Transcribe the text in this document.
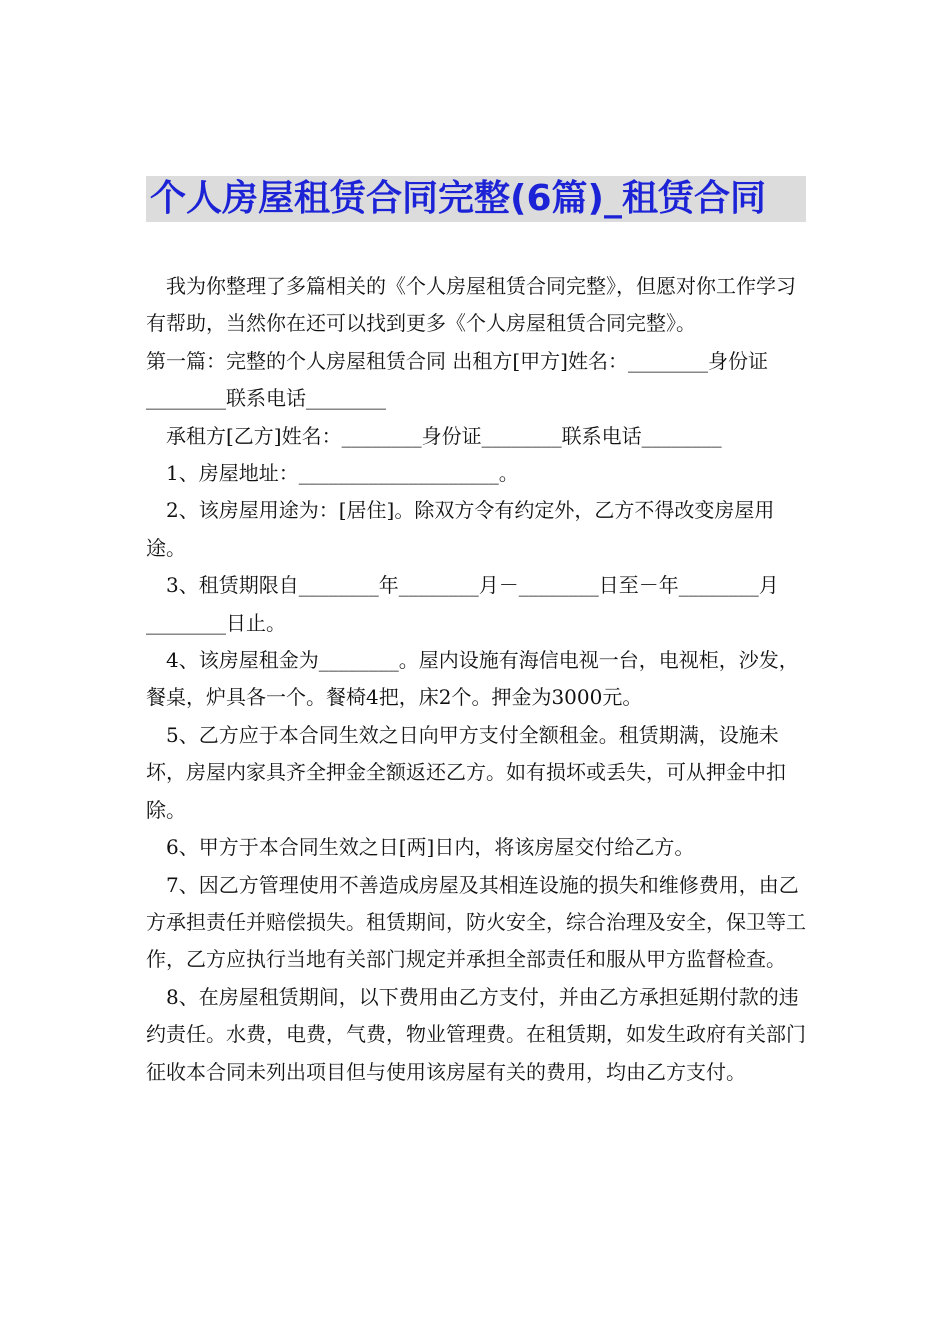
个人房屋租赁合同完整(6篇)_租赁合同

我为你整理了多篇相关的《个人房屋租赁合同完整》，但愿对你工作学习有帮助，当然你在还可以找到更多《个人房屋租赁合同完整》。

第一篇：完整的个人房屋租赁合同 出租方[甲方]姓名：________身份证________联系电话________

承租方[乙方]姓名：________身份证________联系电话________

1、房屋地址：____________________。

2、该房屋用途为：[居住]。除双方令有约定外，乙方不得改变房屋用途。

3、租赁期限自________年________月－________日至－年________月________日止。

4、该房屋租金为________。屋内设施有海信电视一台，电视柜，沙发，餐桌，炉具各一个。餐椅4把，床2个。押金为3000元。

5、乙方应于本合同生效之日向甲方支付全额租金。租赁期满，设施未坏，房屋内家具齐全押金全额返还乙方。如有损坏或丢失，可从押金中扣除。

6、甲方于本合同生效之日[两]日内，将该房屋交付给乙方。

7、因乙方管理使用不善造成房屋及其相连设施的损失和维修费用，由乙方承担责任并赔偿损失。租赁期间，防火安全，综合治理及安全，保卫等工作，乙方应执行当地有关部门规定并承担全部责任和服从甲方监督检查。

8、在房屋租赁期间，以下费用由乙方支付，并由乙方承担延期付款的违约责任。水费，电费，气费，物业管理费。在租赁期，如发生政府有关部门征收本合同未列出项目但与使用该房屋有关的费用，均由乙方支付。
